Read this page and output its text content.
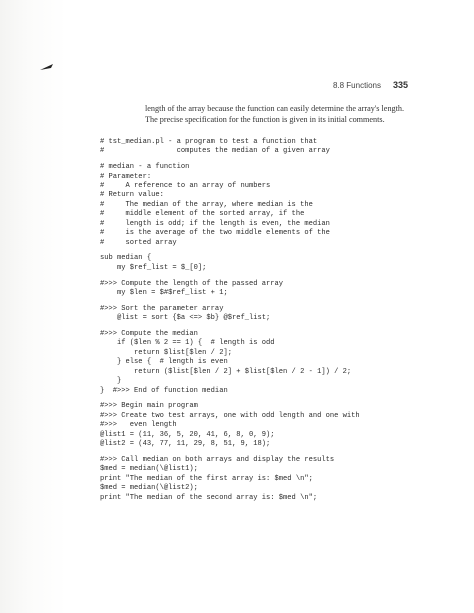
8.8 Functions 335

length of the array because the function can easily determine the array's length.

The precise specification for the function is given in its initial comments.

# tst_median.pl - a program to test a function that
#                 computes the median of a given array
# median - a function
# Parameter:
#     A reference to an array of numbers
# Return value:
#     The median of the array, where median is the
#     middle element of the sorted array, if the
#     length is odd; if the length is even, the median
#     is the average of the two middle elements of the
#     sorted array
sub median {
my $ref_list = $_[0];
#>>> Compute the length of the passed array
my $len = $#$ref_list + 1;
#>>> Sort the parameter array
@list = sort {$a <=> $b} @$ref_list;
#>>> Compute the median
if ($len % 2 == 1) {  # length is odd
return $list[$len / 2];
} else {  # length is even
return ($list[$len / 2] + $list[$len / 2 - 1]) / 2;
}
}  #>>> End of function median
#>>> Begin main program
#>>> Create two test arrays, one with odd length and one with
#>>>   even length
@list1 = (11, 36, 5, 20, 41, 6, 8, 0, 9);
@list2 = (43, 77, 11, 29, 8, 51, 9, 18);
#>>> Call median on both arrays and display the results
$med = median(\@list1);
print "The median of the first array is: $med \n";
$med = median(\@list2);
print "The median of the second array is: $med \n";
